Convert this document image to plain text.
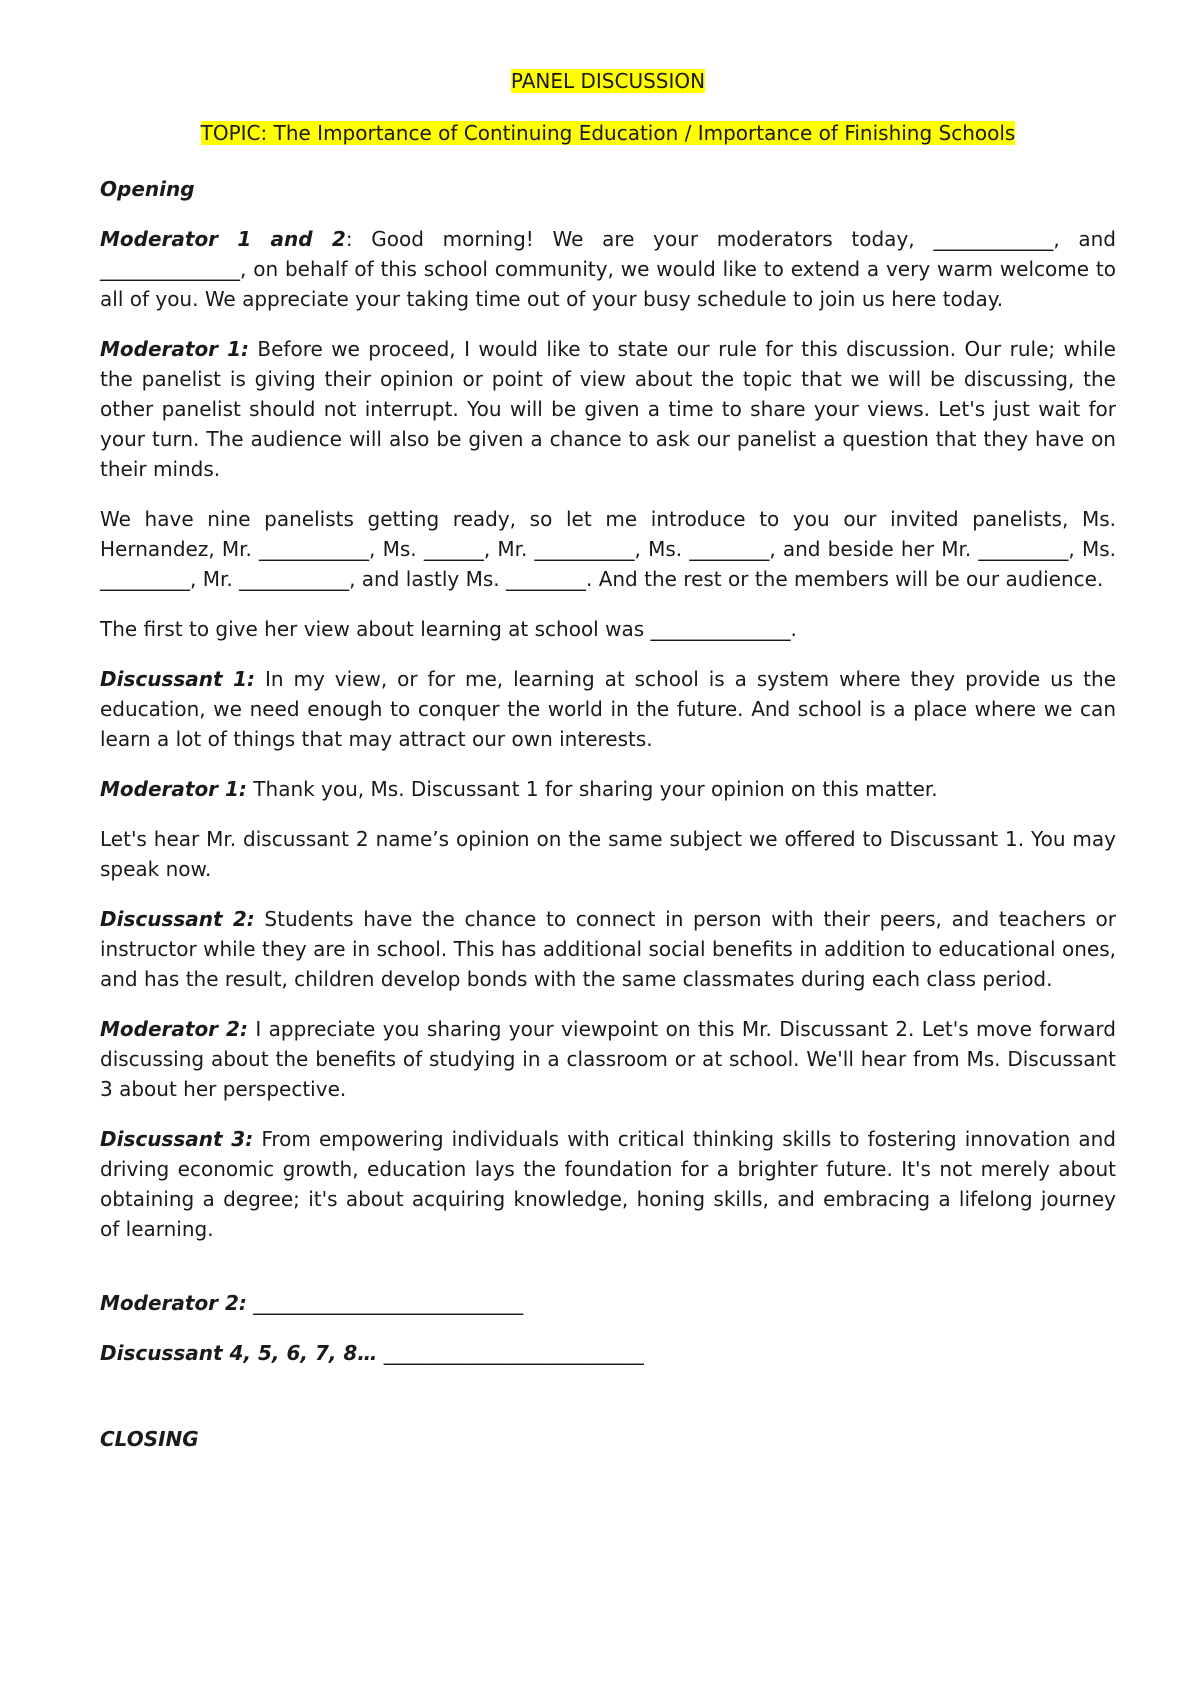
PANEL DISCUSSION
TOPIC: The Importance of Continuing Education / Importance of Finishing Schools

Opening

Moderator 1 and 2: Good morning! We are your moderators today, ____________, and ______________, on behalf of this school community, we would like to extend a very warm welcome to all of you. We appreciate your taking time out of your busy schedule to join us here today.

Moderator 1: Before we proceed, I would like to state our rule for this discussion. Our rule; while the panelist is giving their opinion or point of view about the topic that we will be discussing, the other panelist should not interrupt. You will be given a time to share your views. Let's just wait for your turn. The audience will also be given a chance to ask our panelist a question that they have on their minds.

We have nine panelists getting ready, so let me introduce to you our invited panelists, Ms. Hernandez, Mr. ___________, Ms. ______, Mr. __________, Ms. ________, and beside her Mr. _________, Ms. _________, Mr. ___________, and lastly Ms. ________. And the rest or the members will be our audience.

The first to give her view about learning at school was ______________.

Discussant 1: In my view, or for me, learning at school is a system where they provide us the education, we need enough to conquer the world in the future. And school is a place where we can learn a lot of things that may attract our own interests.

Moderator 1: Thank you, Ms. Discussant 1 for sharing your opinion on this matter.

Let's hear Mr. discussant 2 name’s opinion on the same subject we offered to Discussant 1. You may speak now.

Discussant 2: Students have the chance to connect in person with their peers, and teachers or instructor while they are in school. This has additional social benefits in addition to educational ones, and has the result, children develop bonds with the same classmates during each class period.

Moderator 2: I appreciate you sharing your viewpoint on this Mr. Discussant 2. Let's move forward discussing about the benefits of studying in a classroom or at school. We'll hear from Ms. Discussant 3 about her perspective.

Discussant 3: From empowering individuals with critical thinking skills to fostering innovation and driving economic growth, education lays the foundation for a brighter future. It's not merely about obtaining a degree; it's about acquiring knowledge, honing skills, and embracing a lifelong journey of learning.

Moderator 2: ___________________________

Discussant 4, 5, 6, 7, 8… __________________________

CLOSING
